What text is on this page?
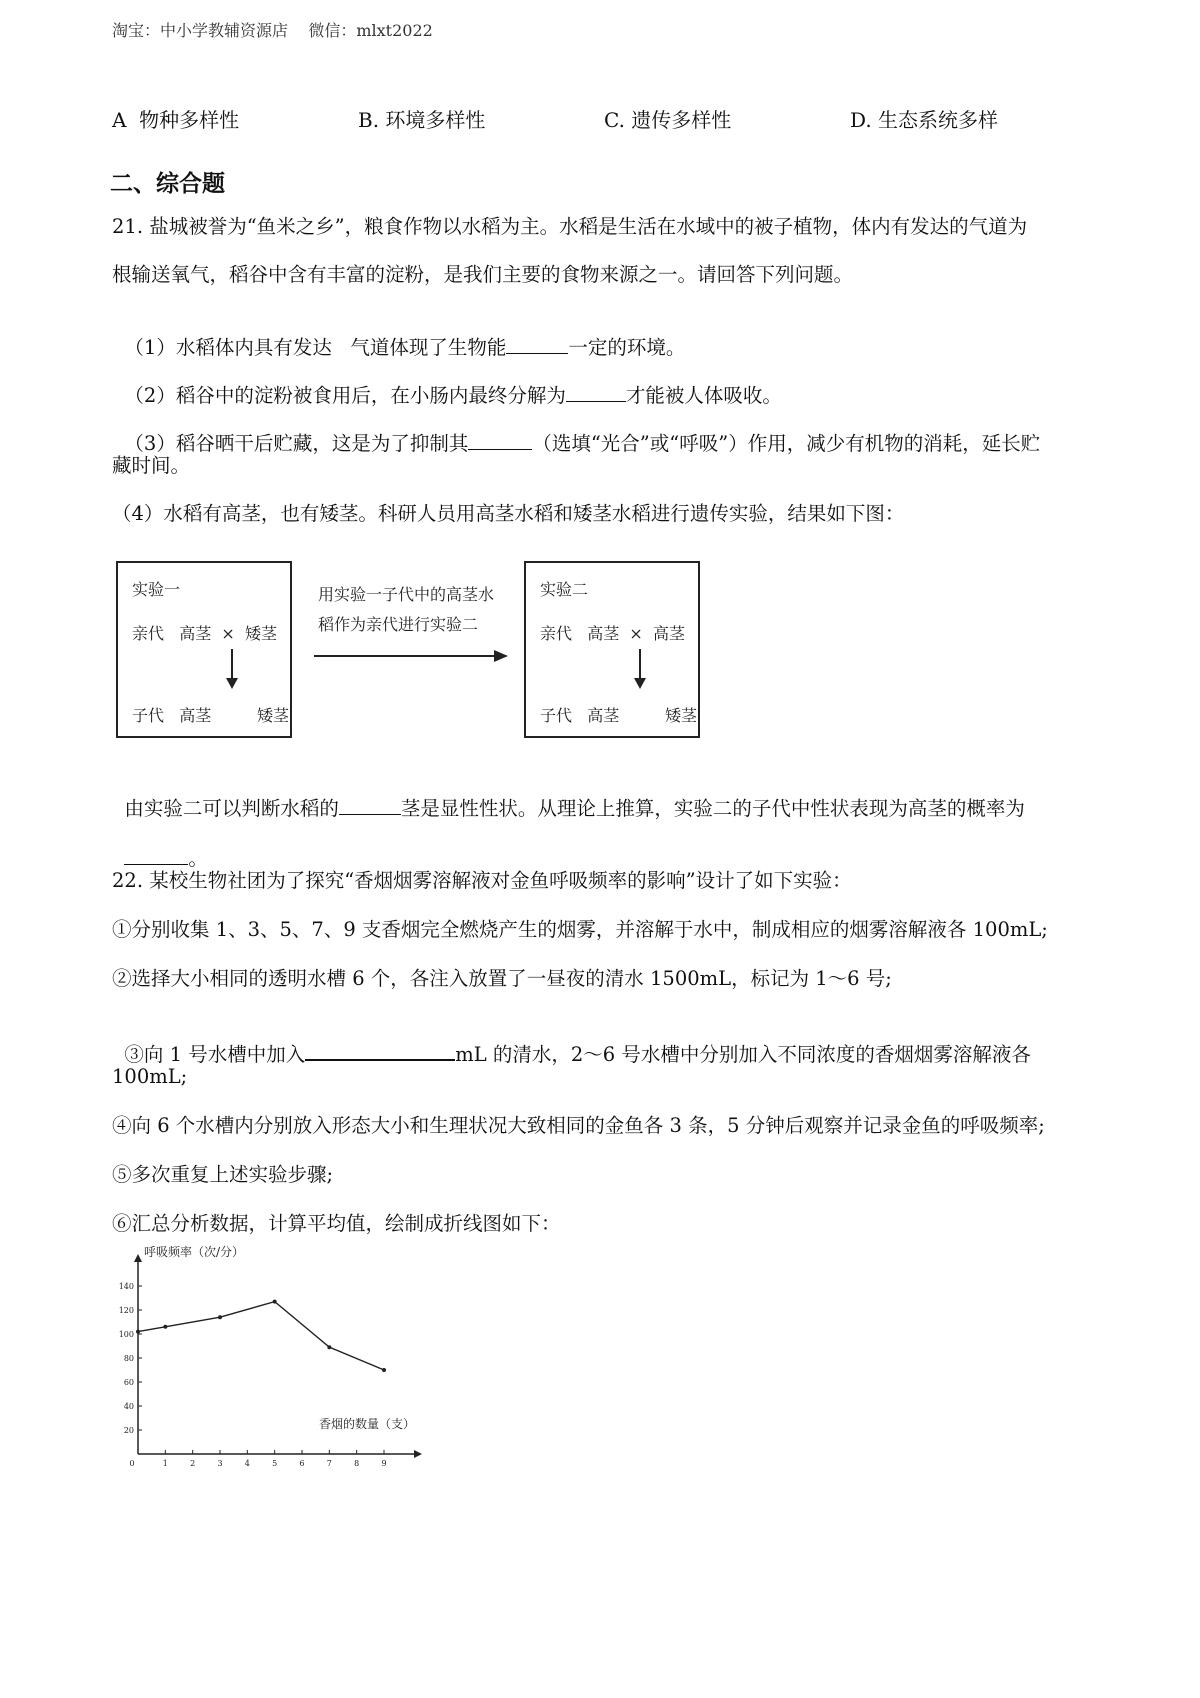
淘宝：中小学教辅资源店    微信：mlxt2022
A  物种多样性	B. 环境多样性	C. 遗传多样性	D. 生态系统多样
二、综合题
21. 盐城被誉为“鱼米之乡”，粮食作物以水稻为主。水稻是生活在水域中的被子植物，体内有发达的气道为
根输送氧气，稻谷中含有丰富的淀粉，是我们主要的食物来源之一。请回答下列问题。

（1）水稻体内具有发达   气道体现了生物能	一定的环境。

（2）稻谷中的淀粉被食用后，在小肠内最终分解为	才能被人体吸收。

（3）稻谷晒干后贮藏，这是为了抑制其	（选填“光合”或“呼吸”）作用，减少有机物的消耗，延长贮

藏时间。
（4）水稻有高茎，也有矮茎。科研人员用高茎水稻和矮茎水稻进行遗传实验，结果如下图：
实验一
亲代   高茎  ×  矮茎
子代   高茎         矮茎
用实验一子代中的高茎水
稻作为亲代进行实验二
实验二
亲代   高茎  ×  高茎
子代   高茎         矮茎

由实验二可以判断水稻的	茎是显性性状。从理论上推算，实验二的子代中性状表现为高茎的概率为

。

22. 某校生物社团为了探究“香烟烟雾溶解液对金鱼呼吸频率的影响”设计了如下实验：
①分别收集 1、3、5、7、9 支香烟完全燃烧产生的烟雾，并溶解于水中，制成相应的烟雾溶解液各 100mL;
②选择大小相同的透明水槽 6 个，各注入放置了一昼夜的清水 1500mL，标记为 1～6 号;

③向 1 号水槽中加入	mL 的清水，2～6 号水槽中分别加入不同浓度的香烟烟雾溶解液各

100mL;
④向 6 个水槽内分别放入形态大小和生理状况大致相同的金鱼各 3 条，5 分钟后观察并记录金鱼的呼吸频率;
⑤多次重复上述实验步骤;
⑥汇总分析数据，计算平均值，绘制成折线图如下：
呼吸频率（次/分）
香烟的数量（支）
20
40
60
80
100
120
140
0	1	2	3	4	5	6	7	8	9
